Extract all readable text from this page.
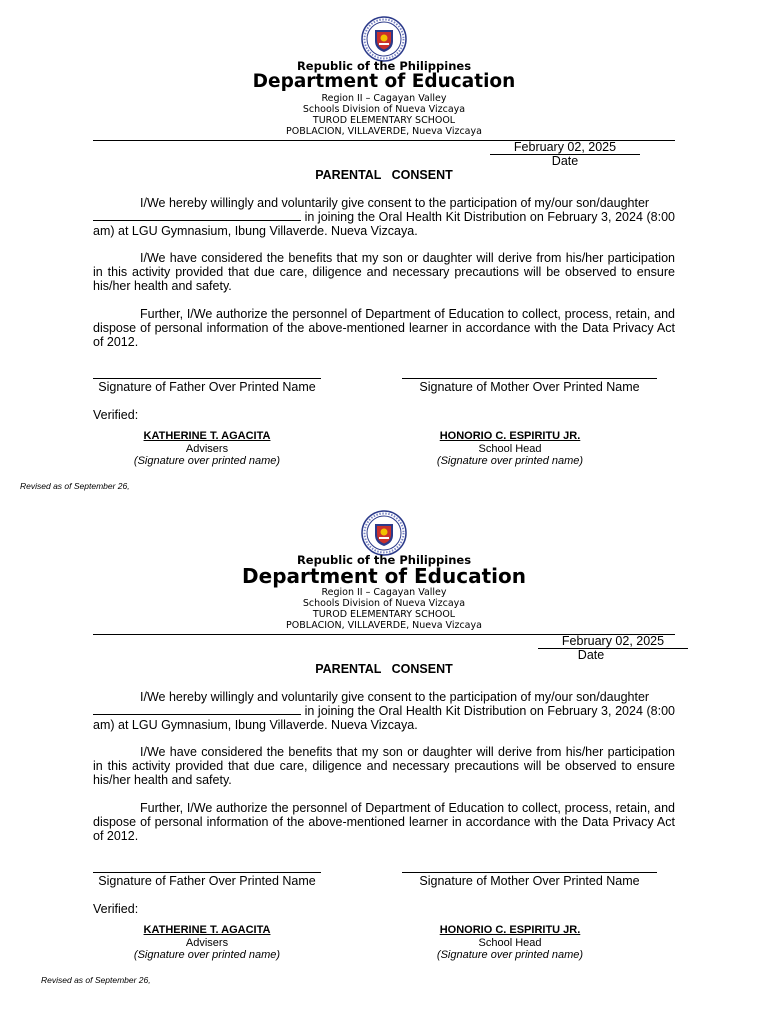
Republic of the Philippines
Department of Education
Region II – Cagayan Valley
Schools Division of Nueva Vizcaya
TUROD ELEMENTARY SCHOOL
POBLACION, VILLAVERDE, Nueva Vizcaya
February 02, 2025
Date
PARENTAL   CONSENT

I/We hereby willingly and voluntarily give consent to the participation of my/our son/daughter
in joining the Oral Health Kit Distribution on February 3, 2024 (8:00 am) at LGU Gymnasium, Ibung Villaverde. Nueva Vizcaya.

I/We have considered the benefits that my son or daughter will derive from his/her participation in this activity provided that due care, diligence and necessary precautions will be observed to ensure his/her health and safety.

Further, I/We authorize the personnel of Department of Education to collect, process, retain, and dispose of personal information of the above-mentioned learner in accordance with the Data Privacy Act of 2012.

Signature of Father Over Printed Name	Signature of Mother Over Printed Name
Verified:
KATHERINE T. AGACITA
Advisers
(Signature over printed name)
HONORIO C. ESPIRITU JR.
School Head
(Signature over printed name)
Revised as of September 26,
Republic of the Philippines
Department of Education
Region II – Cagayan Valley
Schools Division of Nueva Vizcaya
TUROD ELEMENTARY SCHOOL
POBLACION, VILLAVERDE, Nueva Vizcaya
February 02, 2025
Date
PARENTAL   CONSENT

I/We hereby willingly and voluntarily give consent to the participation of my/our son/daughter
in joining the Oral Health Kit Distribution on February 3, 2024 (8:00 am) at LGU Gymnasium, Ibung Villaverde. Nueva Vizcaya.

I/We have considered the benefits that my son or daughter will derive from his/her participation in this activity provided that due care, diligence and necessary precautions will be observed to ensure his/her health and safety.

Further, I/We authorize the personnel of Department of Education to collect, process, retain, and dispose of personal information of the above-mentioned learner in accordance with the Data Privacy Act of 2012.

Signature of Father Over Printed Name	Signature of Mother Over Printed Name
Verified:
KATHERINE T. AGACITA
Advisers
(Signature over printed name)
HONORIO C. ESPIRITU JR.
School Head
(Signature over printed name)
Revised as of September 26,
